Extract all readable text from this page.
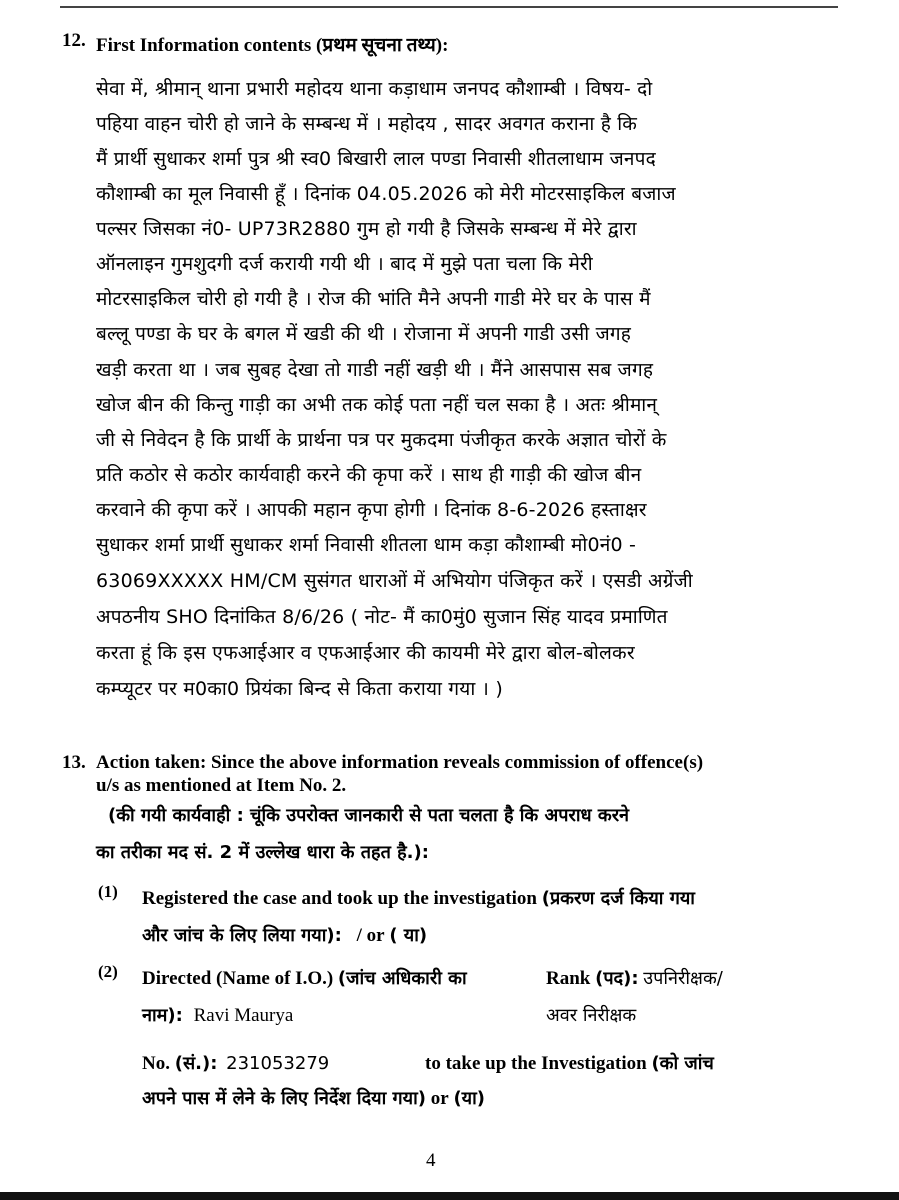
12. First Information contents (प्रथम सूचना तथ्य):
सेवा में, श्रीमान् थाना प्रभारी महोदय थाना कड़ाधाम जनपद कौशाम्बी । विषय- दो
पहिया वाहन चोरी हो जाने के सम्बन्ध में । महोदय , सादर अवगत कराना है कि
मैं प्रार्थी सुधाकर शर्मा पुत्र श्री स्व0 बिखारी लाल पण्डा निवासी शीतलाधाम जनपद
कौशाम्बी का मूल निवासी हूँ । दिनांक 04.05.2026 को मेरी मोटरसाइकिल बजाज
पल्सर जिसका नं0- UP73R2880 गुम हो गयी है जिसके सम्बन्ध में मेरे द्वारा
ऑनलाइन गुमशुदगी दर्ज करायी गयी थी । बाद में मुझे पता चला कि मेरी
मोटरसाइकिल चोरी हो गयी है । रोज की भांति मैने अपनी गाडी मेरे घर के पास मैं
बल्लू पण्डा के घर के बगल में खडी की थी । रोजाना में अपनी गाडी उसी जगह
खड़ी करता था । जब सुबह देखा तो गाडी नहीं खड़ी थी । मैंने आसपास सब जगह
खोज बीन की किन्तु गाड़ी का अभी तक कोई पता नहीं चल सका है । अतः श्रीमान्
जी से निवेदन है कि प्रार्थी के प्रार्थना पत्र पर मुकदमा पंजीकृत करके अज्ञात चोरों के
प्रति कठोर से कठोर कार्यवाही करने की कृपा करें । साथ ही गाड़ी की खोज बीन
करवाने की कृपा करें । आपकी महान कृपा होगी । दिनांक 8-6-2026 हस्ताक्षर
सुधाकर शर्मा प्रार्थी सुधाकर शर्मा निवासी शीतला धाम कड़ा कौशाम्बी मो0नं0 -
63069XXXXX HM/CM सुसंगत धाराओं में अभियोग पंजिकृत करें । एसडी अग्रेंजी
अपठनीय SHO दिनांकित 8/6/26 ( नोट- मैं का0मुं0 सुजान सिंह यादव प्रमाणित
करता हूं कि इस एफआईआर व एफआईआर की कायमी मेरे द्वारा बोल-बोलकर
कम्प्यूटर पर म0का0 प्रियंका बिन्द से किता कराया गया । )
13. Action taken: Since the above information reveals commission of offence(s)
u/s as mentioned at Item No. 2.
(की गयी कार्यवाही : चूंकि उपरोक्त जानकारी से पता चलता है कि अपराध करने
का तरीका मद सं. 2 में उल्लेख धारा के तहत है.):
(1) Registered the case and took up the investigation (प्रकरण दर्ज किया गया
और जांच के लिए लिया गया): / or ( या)
(2) Directed (Name of I.O.) (जांच अधिकारी का
नाम): Ravi Maurya
Rank (पद): उपनिरीक्षक/
अवर निरीक्षक
No. (सं.): 231053279	to take up the Investigation (को जांच
अपने पास में लेने के लिए निर्देश दिया गया) or (या)
4
